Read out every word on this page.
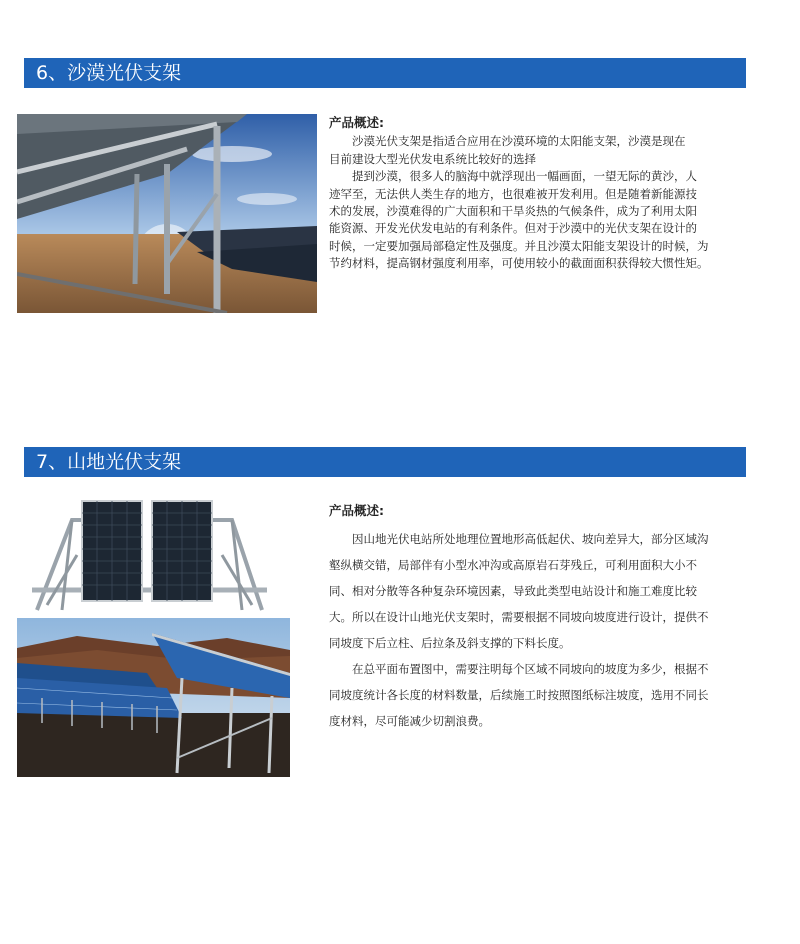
6、沙漠光伏支架
产品概述:

　　沙漠光伏支架是指适合应用在沙漠环境的太阳能支架，沙漠是现在
目前建设大型光伏发电系统比较好的选择

　　提到沙漠，很多人的脑海中就浮现出一幅画面，一望无际的黄沙，人
迹罕至，无法供人类生存的地方，也很难被开发利用。但是随着新能源技
术的发展，沙漠难得的广大面积和干旱炎热的气候条件，成为了利用太阳
能资源、开发光伏发电站的有利条件。但对于沙漠中的光伏支架在设计的
时候，一定要加强局部稳定性及强度。并且沙漠太阳能支架设计的时候，为
节约材料，提高钢材强度利用率，可使用较小的截面面积获得较大惯性矩。

7、山地光伏支架
产品概述:

　　因山地光伏电站所处地理位置地形高低起伏、坡向差异大，部分区域沟
壑纵横交错，局部伴有小型水冲沟或高原岩石芽残丘，可利用面积大小不
同、相对分散等各种复杂环境因素，导致此类型电站设计和施工难度比较
大。所以在设计山地光伏支架时，需要根据不同坡向坡度进行设计，提供不
同坡度下后立柱、后拉条及斜支撑的下料长度。

　　在总平面布置图中，需要注明每个区域不同坡向的坡度为多少，根据不
同坡度统计各长度的材料数量，后续施工时按照图纸标注坡度，选用不同长
度材料，尽可能减少切割浪费。
